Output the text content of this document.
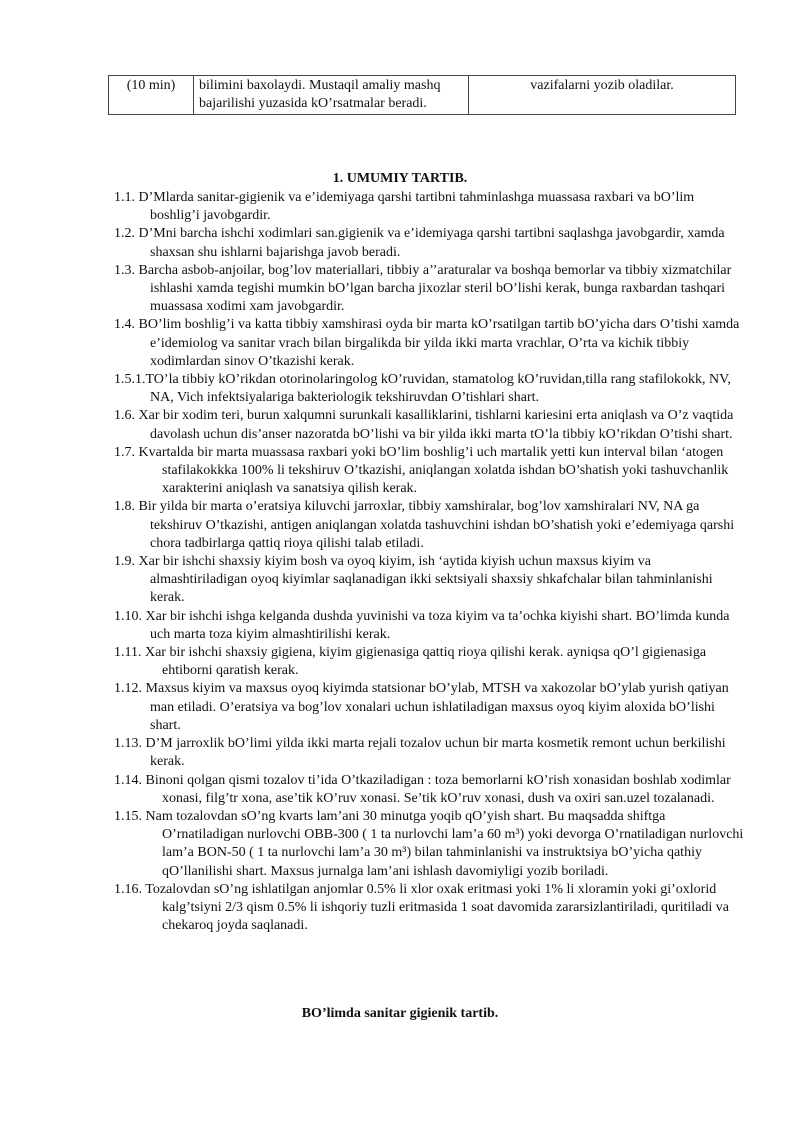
(10 min)	bilimini baxolaydi. Mustaqil amaliy mashq bajarilishi yuzasida kO’rsatmalar beradi.	vazifalarni yozib oladilar.
1. UMUMIY TARTIB.

1.1. D’Mlarda sanitar-gigienik va e’idemiyaga qarshi tartibni tahminlashga muassasa raxbari va bO’lim boshlig’i javobgardir.

1.2. D’Mni barcha ishchi xodimlari san.gigienik va e’idemiyaga qarshi tartibni saqlashga javobgardir, xamda shaxsan shu ishlarni bajarishga javob beradi.

1.3. Barcha asbob-anjoilar, bog’lov materiallari, tibbiy a’’araturalar va boshqa bemorlar va tibbiy xizmatchilar ishlashi xamda tegishi mumkin bO’lgan barcha jixozlar steril bO’lishi kerak, bunga raxbardan tashqari muassasa xodimi xam javobgardir.

1.4. BO’lim boshlig’i va katta tibbiy xamshirasi oyda bir marta kO’rsatilgan tartib bO’yicha dars O’tishi xamda e’idemiolog va sanitar vrach bilan birgalikda bir yilda ikki marta vrachlar, O’rta va kichik tibbiy xodimlardan sinov O’tkazishi kerak.

1.5.1.TO’la tibbiy kO’rikdan otorinolaringolog kO’ruvidan, stamatolog kO’ruvidan,tilla rang stafilokokk, NV, NA, Vich infektsiyalariga bakteriologik tekshiruvdan O’tishlari shart.

1.6. Xar bir xodim teri, burun xalqumni surunkali kasalliklarini, tishlarni kariesini erta aniqlash va O’z vaqtida davolash uchun dis’anser nazoratda bO’lishi va bir yilda ikki marta tO’la tibbiy kO’rikdan O’tishi shart.

1.7. Kvartalda bir marta muassasa raxbari yoki bO’lim boshlig’i uch martalik yetti kun interval bilan ‘atogen stafilakokkka 100% li tekshiruv O’tkazishi, aniqlangan xolatda ishdan bO’shatish yoki tashuvchanlik xarakterini aniqlash va sanatsiya qilish kerak.

1.8. Bir yilda bir marta o’eratsiya kiluvchi jarroxlar, tibbiy xamshiralar, bog’lov xamshiralari NV, NA ga tekshiruv O’tkazishi, antigen aniqlangan xolatda tashuvchini ishdan bO’shatish yoki e’edemiyaga qarshi chora tadbirlarga qattiq rioya qilishi talab etiladi.

1.9. Xar bir ishchi shaxsiy kiyim bosh va oyoq kiyim, ish ‘aytida kiyish uchun maxsus kiyim va almashtiriladigan oyoq kiyimlar saqlanadigan ikki sektsiyali shaxsiy shkafchalar bilan tahminlanishi kerak.

1.10. Xar bir ishchi ishga kelganda dushda yuvinishi va toza kiyim va ta’ochka kiyishi shart. BO’limda kunda uch marta toza kiyim almashtirilishi kerak.

1.11. Xar bir ishchi shaxsiy gigiena, kiyim gigienasiga qattiq rioya qilishi kerak. ayniqsa qO’l gigienasiga ehtiborni qaratish kerak.

1.12. Maxsus kiyim va maxsus oyoq kiyimda statsionar bO’ylab, MTSH va xakozolar bO’ylab yurish qatiyan man etiladi. O’eratsiya va bog’lov xonalari uchun ishlatiladigan maxsus oyoq kiyim aloxida bO’lishi shart.

1.13. D’M jarroxlik bO’limi yilda ikki marta rejali tozalov uchun bir marta kosmetik remont uchun berkilishi kerak.

1.14. Binoni qolgan qismi tozalov ti’ida O’tkaziladigan : toza bemorlarni kO’rish xonasidan boshlab xodimlar xonasi, filg’tr xona, ase’tik kO’ruv xonasi. Se’tik kO’ruv xonasi, dush va oxiri san.uzel tozalanadi.

1.15. Nam tozalovdan sO’ng kvarts lam’ani 30 minutga yoqib qO’yish shart. Bu maqsadda shiftga O’rnatiladigan nurlovchi OBB-300 ( 1 ta nurlovchi lam’a 60 m³) yoki devorga O’rnatiladigan nurlovchi lam’a BON-50 ( 1 ta nurlovchi lam’a 30 m³) bilan tahminlanishi va instruktsiya bO’yicha qathiy qO’llanilishi shart. Maxsus jurnalga lam’ani ishlash davomiyligi yozib boriladi.

1.16. Tozalovdan sO’ng ishlatilgan anjomlar 0.5% li xlor oxak eritmasi yoki 1% li xloramin yoki gi’oxlorid kalg’tsiyni 2/3 qism 0.5% li ishqoriy tuzli eritmasida 1 soat davomida zararsizlantiriladi, quritiladi va chekaroq joyda saqlanadi.

BO’limda sanitar gigienik tartib.
